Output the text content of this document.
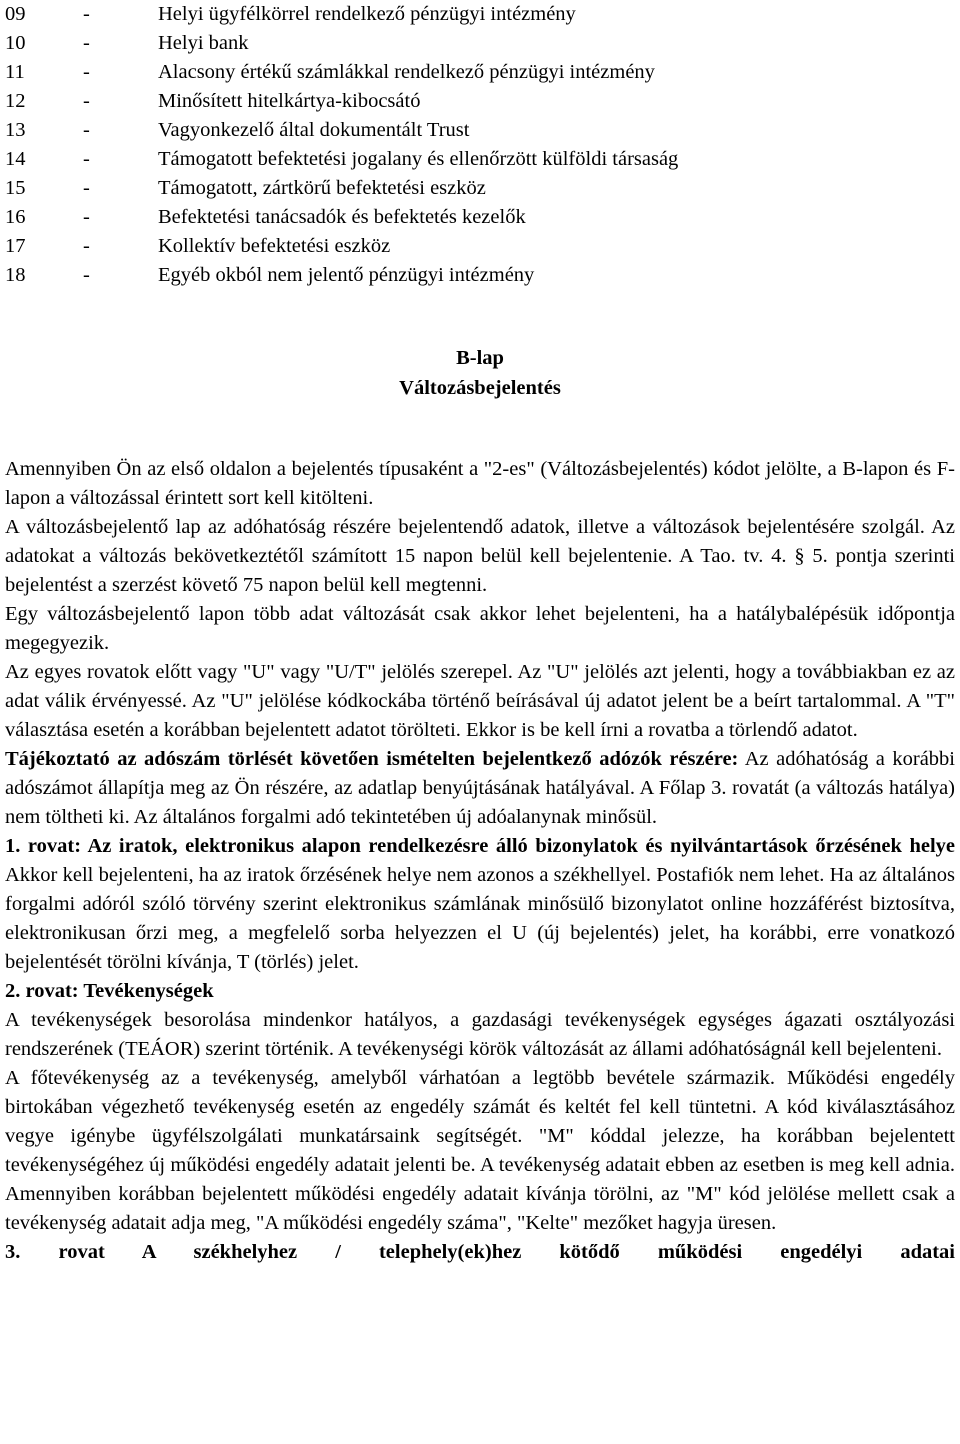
09	-	Helyi ügyfélkörrel rendelkező pénzügyi intézmény
10	-	Helyi bank
11	-	Alacsony értékű számlákkal rendelkező pénzügyi intézmény
12	-	Minősített hitelkártya-kibocsátó
13	-	Vagyonkezelő által dokumentált Trust
14	-	Támogatott befektetési jogalany és ellenőrzött külföldi társaság
15	-	Támogatott, zártkörű befektetési eszköz
16	-	Befektetési tanácsadók és befektetés kezelők
17	-	Kollektív befektetési eszköz
18	-	Egyéb okból nem jelentő pénzügyi intézmény
B-lap
Változásbejelentés

Amennyiben Ön az első oldalon a bejelentés típusaként a "2-es" (Változásbejelentés) kódot jelölte, a B-lapon és F-lapon a változással érintett sort kell kitölteni.

A változásbejelentő lap az adóhatóság részére bejelentendő adatok, illetve a változások bejelentésére szolgál. Az adatokat a változás bekövetkeztétől számított 15 napon belül kell bejelentenie. A Tao. tv. 4. § 5. pontja szerinti bejelentést a szerzést követő 75 napon belül kell megtenni.

Egy változásbejelentő lapon több adat változását csak akkor lehet bejelenteni, ha a hatálybalépésük időpontja megegyezik.

Az egyes rovatok előtt vagy "U" vagy "U/T" jelölés szerepel. Az "U" jelölés azt jelenti, hogy a továbbiakban ez az adat válik érvényessé. Az "U" jelölése kódkockába történő beírásával új adatot jelent be a beírt tartalommal. A "T" választása esetén a korábban bejelentett adatot törölteti. Ekkor is be kell írni a rovatba a törlendő adatot.

Tájékoztató az adószám törlését követően ismételten bejelentkező adózók részére: Az adóhatóság a korábbi adószámot állapítja meg az Ön részére, az adatlap benyújtásának hatályával. A Főlap 3. rovatát (a változás hatálya) nem töltheti ki. Az általános forgalmi adó tekintetében új adóalanynak minősül.

1. rovat: Az iratok, elektronikus alapon rendelkezésre álló bizonylatok és nyilvántartások őrzésének helye Akkor kell bejelenteni, ha az iratok őrzésének helye nem azonos a székhellyel. Postafiók nem lehet. Ha az általános forgalmi adóról szóló törvény szerint elektronikus számlának minősülő bizonylatot online hozzáférést biztosítva, elektronikusan őrzi meg, a megfelelő sorba helyezzen el U (új bejelentés) jelet, ha korábbi, erre vonatkozó bejelentését törölni kívánja, T (törlés) jelet.

2. rovat: Tevékenységek

A tevékenységek besorolása mindenkor hatályos, a gazdasági tevékenységek egységes ágazati osztályozási rendszerének (TEÁOR) szerint történik. A tevékenységi körök változását az állami adóhatóságnál kell bejelenteni.

A főtevékenység az a tevékenység, amelyből várhatóan a legtöbb bevétele származik. Működési engedély birtokában végezhető tevékenység esetén az engedély számát és keltét fel kell tüntetni. A kód kiválasztásához vegye igénybe ügyfélszolgálati munkatársaink segítségét. "M" kóddal jelezze, ha korábban bejelentett tevékenységéhez új működési engedély adatait jelenti be. A tevékenység adatait ebben az esetben is meg kell adnia. Amennyiben korábban bejelentett működési engedély adatait kívánja törölni, az "M" kód jelölése mellett csak a tevékenység adatait adja meg, "A működési engedély száma", "Kelte" mezőket hagyja üresen.

3. rovat A székhelyhez / telephely(ek)hez kötődő működési engedélyi adatai
